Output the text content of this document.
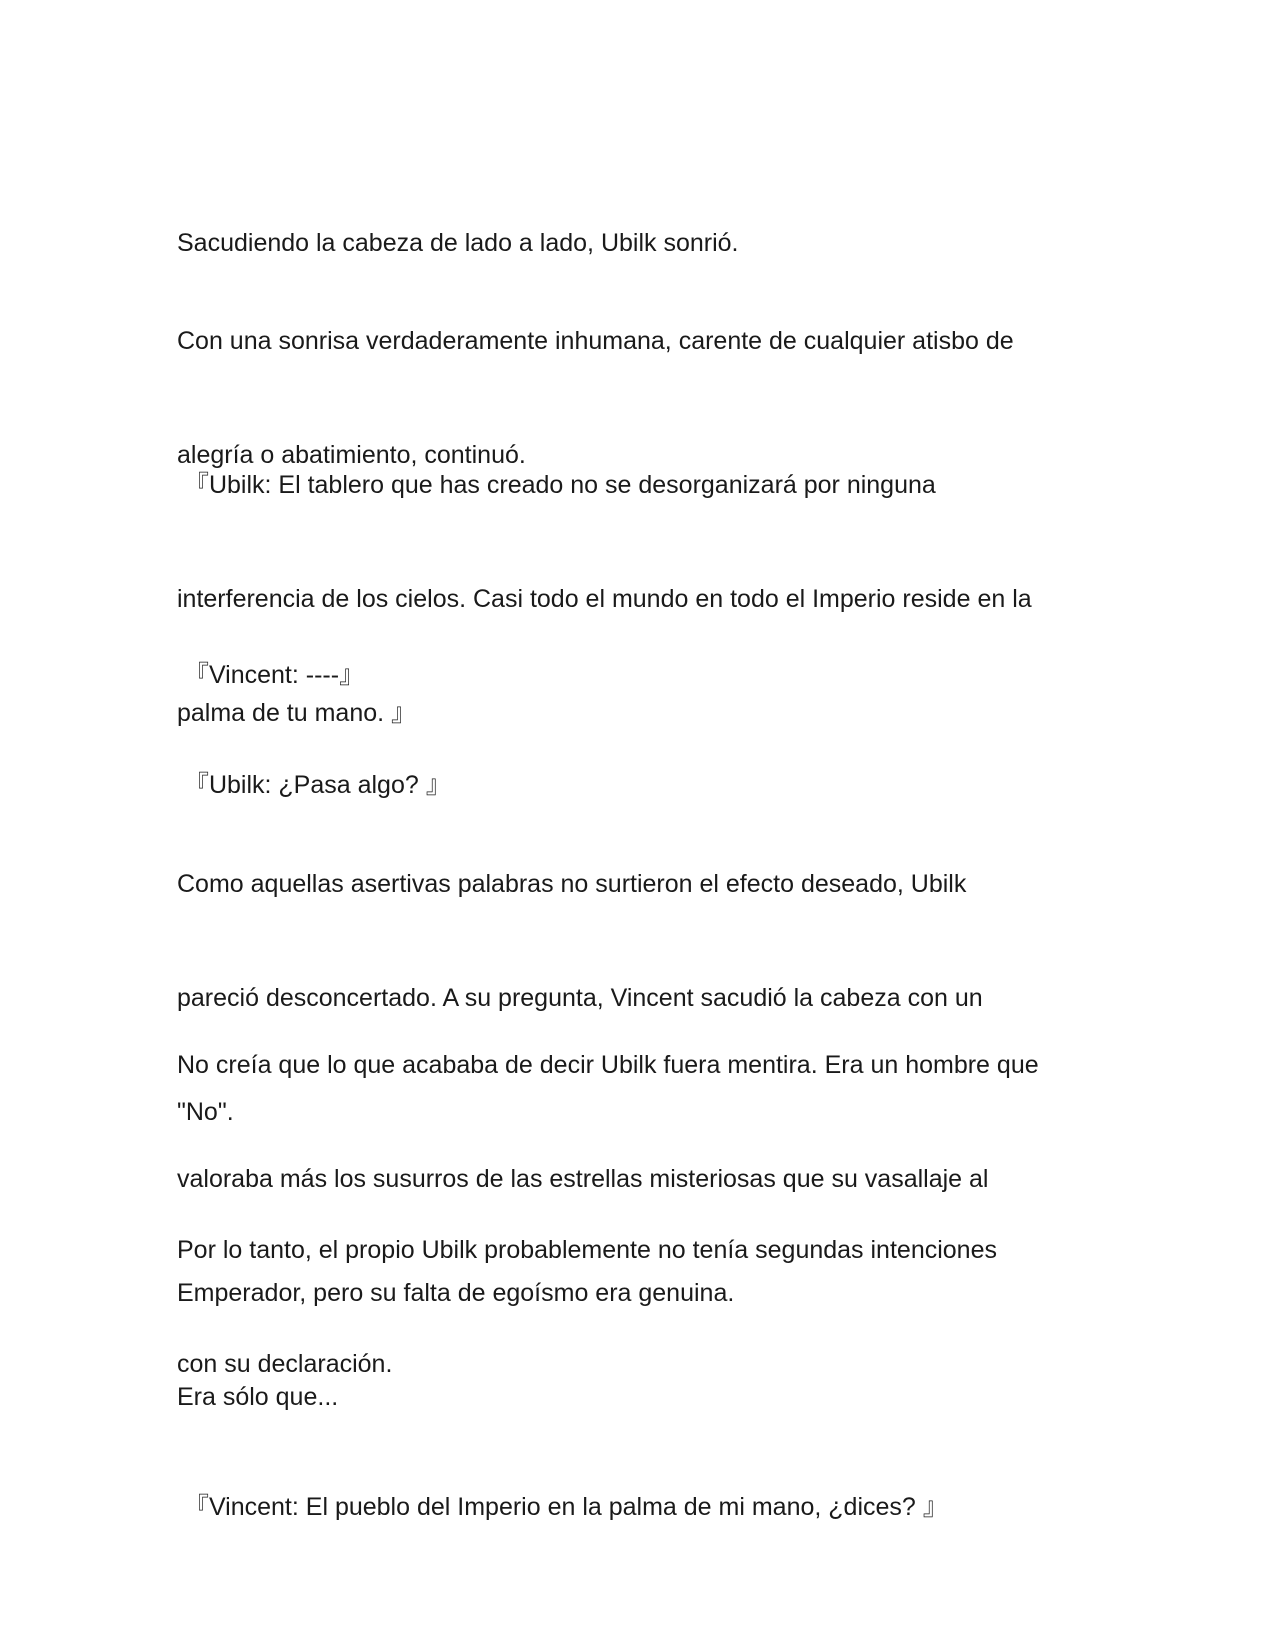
Sacudiendo la cabeza de lado a lado, Ubilk sonrió.

Con una sonrisa verdaderamente inhumana, carente de cualquier atisbo de

alegría o abatimiento, continuó.

『Ubilk: El tablero que has creado no se desorganizará por ninguna

interferencia de los cielos. Casi todo el mundo en todo el Imperio reside en la

palma de tu mano. 』

『Vincent: ----』

『Ubilk: ¿Pasa algo? 』

Como aquellas asertivas palabras no surtieron el efecto deseado, Ubilk

pareció desconcertado. A su pregunta, Vincent sacudió la cabeza con un

"No".

No creía que lo que acababa de decir Ubilk fuera mentira. Era un hombre que

valoraba más los susurros de las estrellas misteriosas que su vasallaje al

Emperador, pero su falta de egoísmo era genuina.

Por lo tanto, el propio Ubilk probablemente no tenía segundas intenciones

con su declaración.

Era sólo que...

『Vincent: El pueblo del Imperio en la palma de mi mano, ¿dices? 』
